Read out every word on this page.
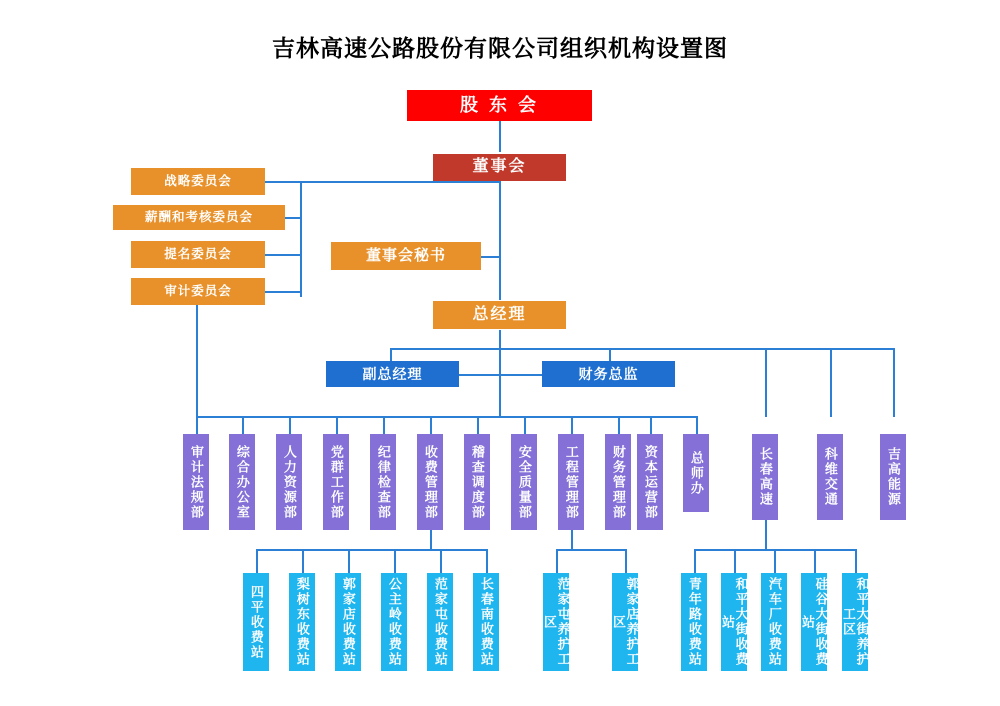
吉林高速公路股份有限公司组织机构设置图
股 东 会
董事会
董事会秘书
总经理
副总经理	财务总监
战略委员会
薪酬和考核委员会
提名委员会
审计委员会
审计法规部	综合办公室	人力资源部	党群工作部	纪律检查部	收费管理部	稽查调度部	安全质量部	工程管理部	财务管理部	资本运营部	总师办	长春高速	科维交通	吉高能源
四平收费站	梨树东收费站	郭家店收费站	公主岭收费站	范家屯收费站	长春南收费站	范家屯养护工区	郭家店养护工区	青年路收费站	和平大街收费站	汽车厂收费站	硅谷大街收费站	和平大街养护工区
